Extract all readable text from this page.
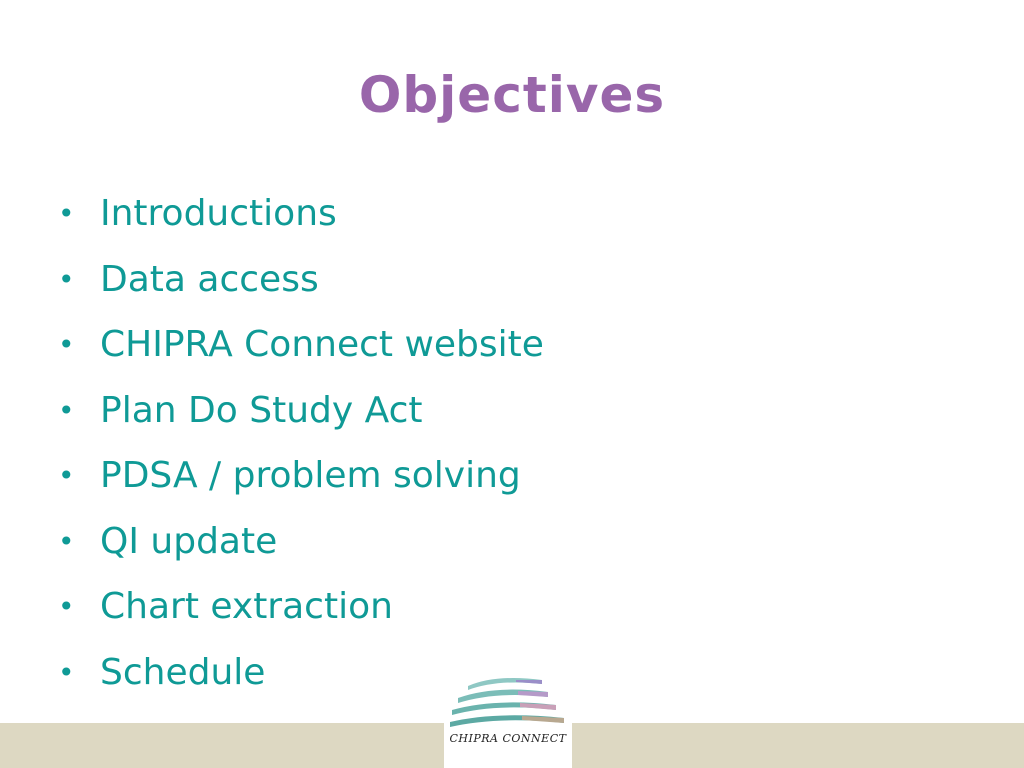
Objectives
• Introductions
• Data access
• CHIPRA Connect website
• Plan Do Study Act
• PDSA / problem solving
• QI update
• Chart extraction
• Schedule
CHIPRA CONNECT
